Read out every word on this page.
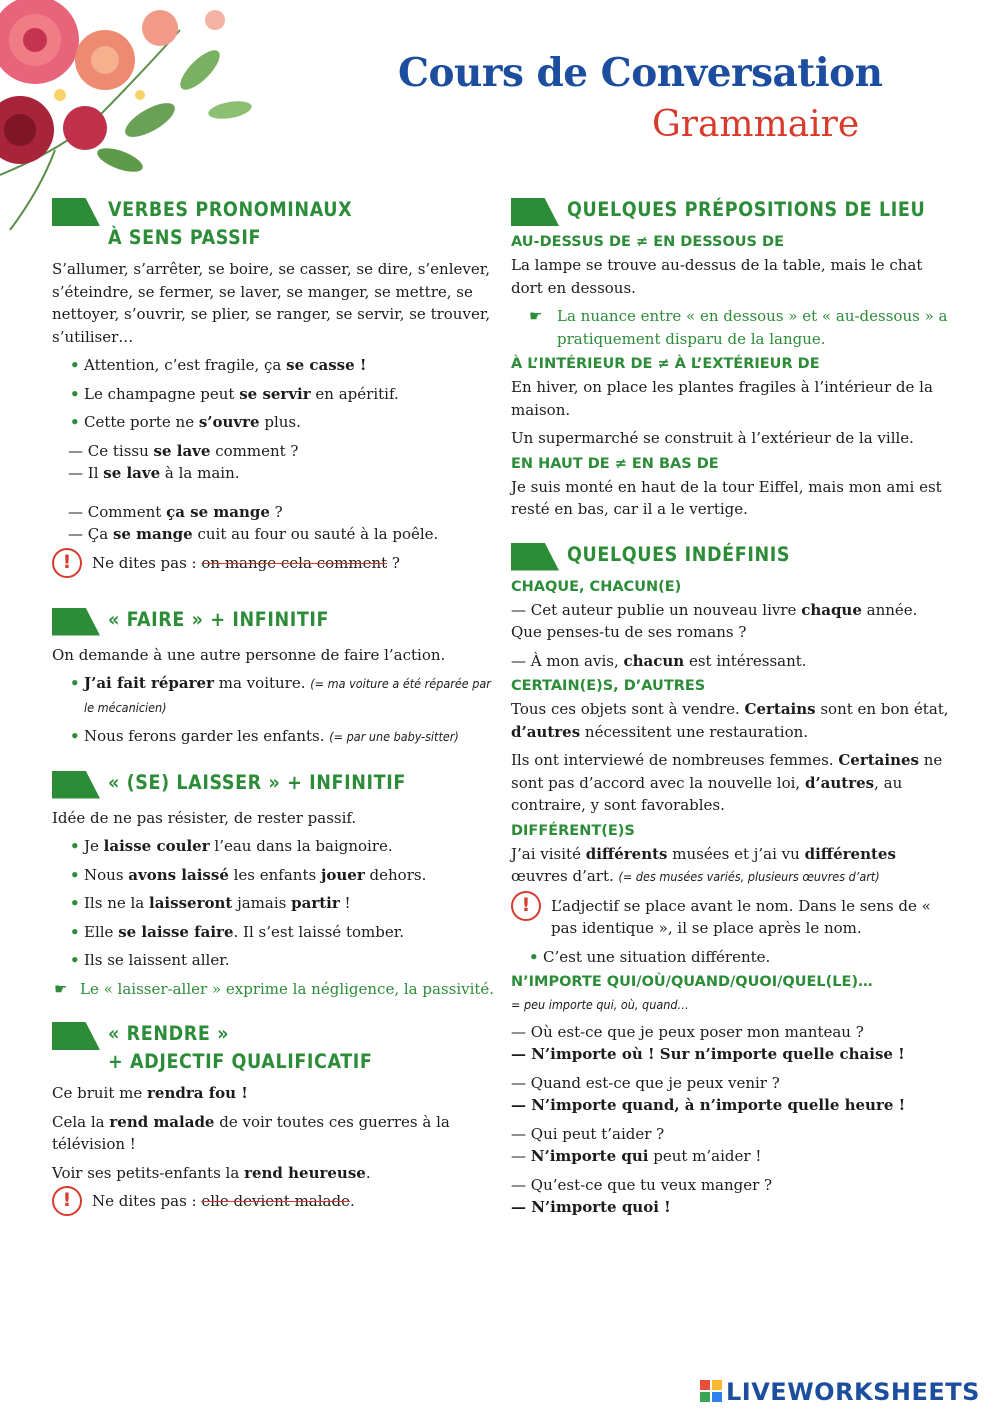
Cours de Conversation
Grammaire
VERBES PRONOMINAUX
À SENS PASSIF

S’allumer, s’arrêter, se boire, se casser, se dire, s’enlever, s’éteindre, se fermer, se laver, se manger, se mettre, se nettoyer, s’ouvrir, se plier, se ranger, se servir, se trouver, s’utiliser…

• Attention, c’est fragile, ça se casse !

• Le champagne peut se servir en apéritif.

• Cette porte ne s’ouvre plus.

— Ce tissu se lave comment ?

— Il se lave à la main.

— Comment ça se mange ?

— Ça se mange cuit au four ou sauté à la poêle.

!	Ne dites pas : on mange cela comment ?

« FAIRE » + INFINITIF

On demande à une autre personne de faire l’action.

• J’ai fait réparer ma voiture. (= ma voiture a été réparée par le mécanicien)

• Nous ferons garder les enfants. (= par une baby-sitter)

« (SE) LAISSER » + INFINITIF

Idée de ne pas résister, de rester passif.

• Je laisse couler l’eau dans la baignoire.

• Nous avons laissé les enfants jouer dehors.

• Ils ne la laisseront jamais partir !

• Elle se laisse faire. Il s’est laissé tomber.

• Ils se laissent aller.

☛ Le « laisser-aller » exprime la négligence, la passivité.

« RENDRE »
+ ADJECTIF QUALIFICATIF

Ce bruit me rendra fou !

Cela la rend malade de voir toutes ces guerres à la télévision !

Voir ses petits-enfants la rend heureuse.

!	Ne dites pas : elle devient malade.

QUELQUES PRÉPOSITIONS DE LIEU
AU-DESSUS DE ≠ EN DESSOUS DE

La lampe se trouve au-dessus de la table, mais le chat dort en dessous.

☛ La nuance entre « en dessous » et « au-dessous » a pratiquement disparu de la langue.

À L’INTÉRIEUR DE ≠ À L’EXTÉRIEUR DE

En hiver, on place les plantes fragiles à l’intérieur de la maison.

Un supermarché se construit à l’extérieur de la ville.

EN HAUT DE ≠ EN BAS DE

Je suis monté en haut de la tour Eiffel, mais mon ami est resté en bas, car il a le vertige.

QUELQUES INDÉFINIS
CHAQUE, CHACUN(E)

— Cet auteur publie un nouveau livre chaque année. Que penses-tu de ses romans ?

— À mon avis, chacun est intéressant.

CERTAIN(E)S, D’AUTRES

Tous ces objets sont à vendre. Certains sont en bon état, d’autres nécessitent une restauration.

Ils ont interviewé de nombreuses femmes. Certaines ne sont pas d’accord avec la nouvelle loi, d’autres, au contraire, y sont favorables.

DIFFÉRENT(E)S

J’ai visité différents musées et j’ai vu différentes œuvres d’art. (= des musées variés, plusieurs œuvres d’art)

!	L’adjectif se place avant le nom. Dans le sens de « pas identique », il se place après le nom.

• C’est une situation différente.

N’IMPORTE QUI/OÙ/QUAND/QUOI/QUEL(LE)…

= peu importe qui, où, quand…

— Où est-ce que je peux poser mon manteau ?

— N’importe où ! Sur n’importe quelle chaise !

— Quand est-ce que je peux venir ?

— N’importe quand, à n’importe quelle heure !

— Qui peut t’aider ?

— N’importe qui peut m’aider !

— Qu’est-ce que tu veux manger ?

— N’importe quoi !

LIVEWORKSHEETS
